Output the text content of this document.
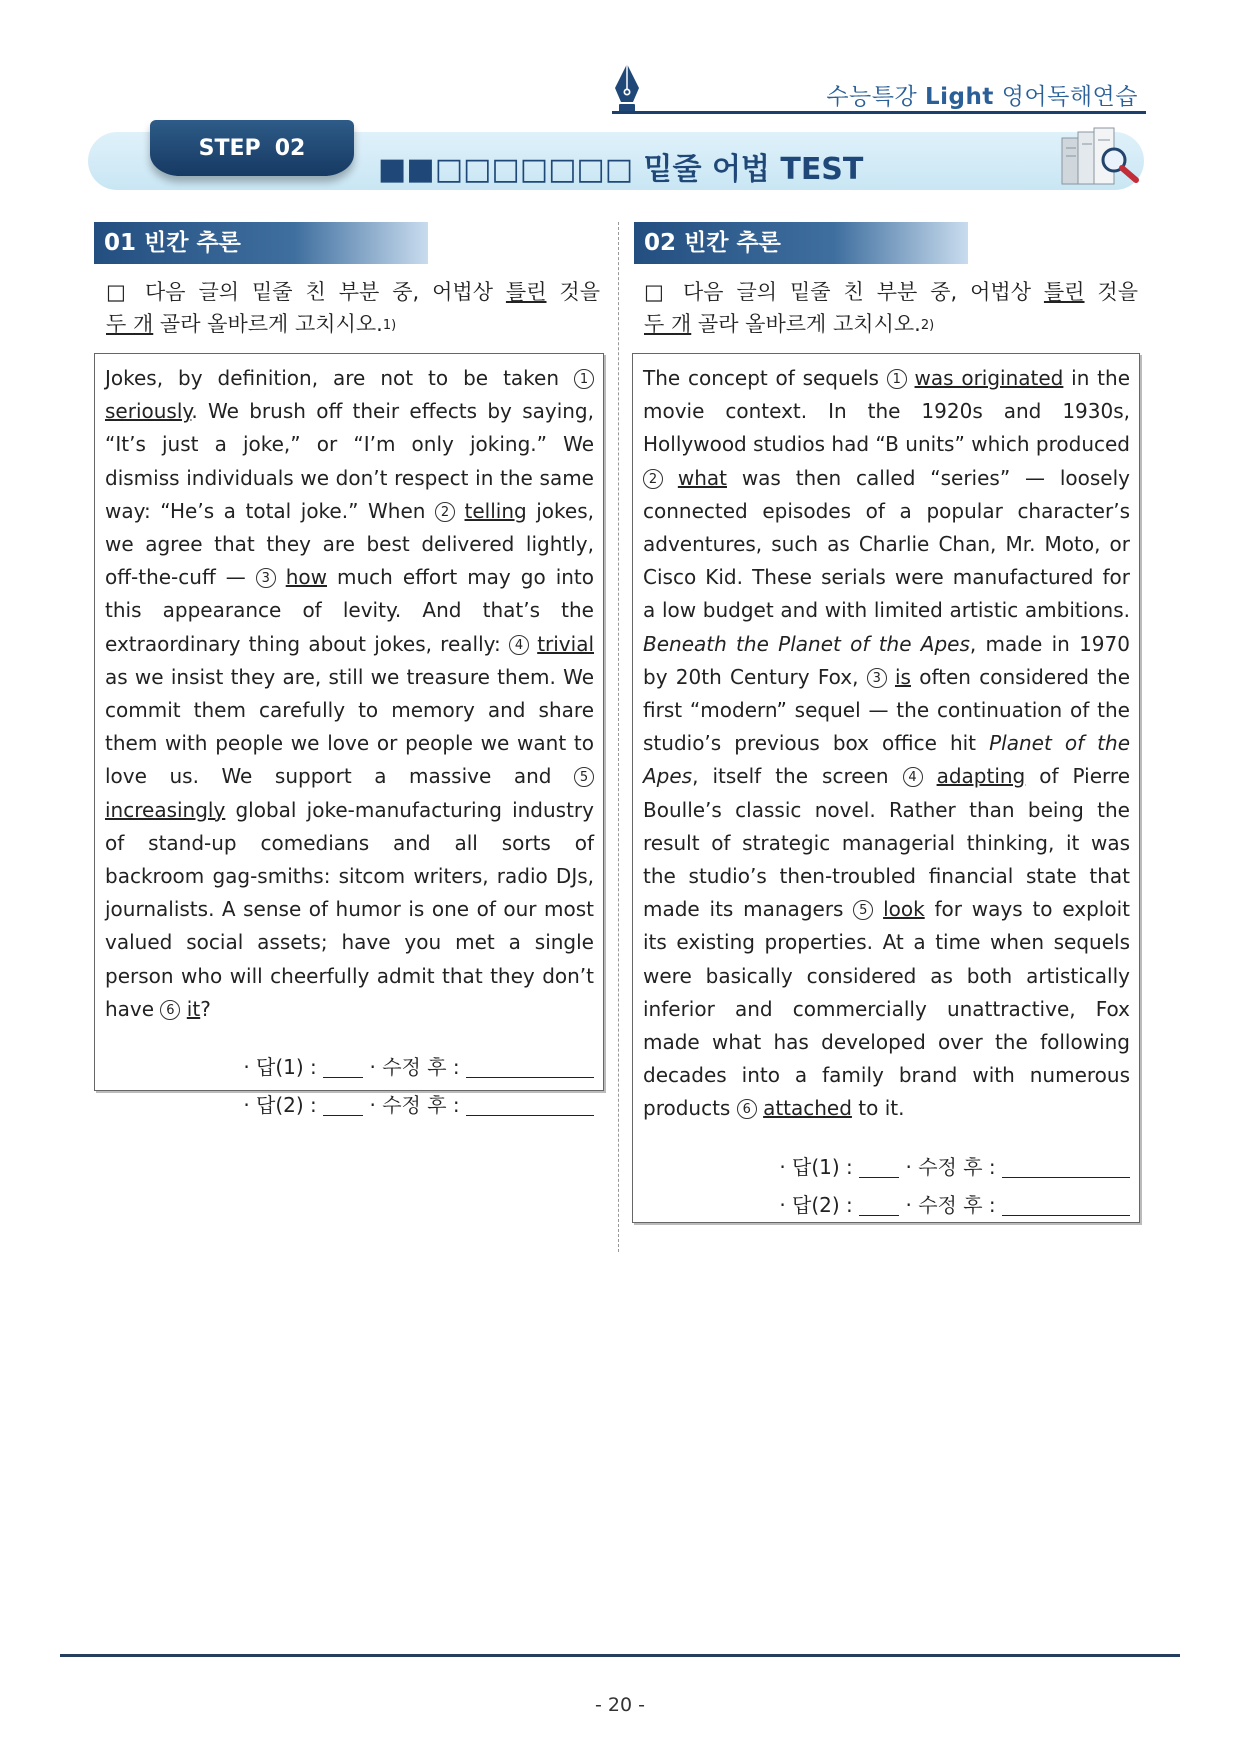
수능특강 Light 영어독해연습
STEP 02
■■□□□□□□□ 밑줄 어법 TEST
01 빈칸 추론
□ 다음 글의 밑줄 친 부분 중, 어법상 틀린 것을
두 개 골라 올바르게 고치시오.$^{1)}$

Jokes, by definition, are not to be taken 1 seriously. We brush off their effects by saying, “It’s just a joke,” or “I’m only joking.” We dismiss individuals we don’t respect in the same way: “He’s a total joke.” When 2 telling jokes, we agree that they are best delivered lightly, off-the-cuff — 3 how much effort may go into this appearance of levity. And that’s the extraordinary thing about jokes, really: 4 trivial as we insist they are, still we treasure them. We commit them carefully to memory and share them with people we love or people we want to love us. We support a massive and 5 increasingly global joke-manufacturing industry of stand-up comedians and all sorts of backroom gag-smiths: sitcom writers, radio DJs, journalists. A sense of humor is one of our most valued social assets; have you met a single person who will cheerfully admit that they don’t have 6 it?

· 답(1) :	· 수정 후 :
· 답(2) :	· 수정 후 :
02 빈칸 추론
□ 다음 글의 밑줄 친 부분 중, 어법상 틀린 것을
두 개 골라 올바르게 고치시오.$^{2)}$

The concept of sequels 1 was originated in the movie context. In the 1920s and 1930s, Hollywood studios had “B units” which produced 2 what was then called “series” — loosely connected episodes of a popular character’s adventures, such as Charlie Chan, Mr. Moto, or Cisco Kid. These serials were manufactured for a low budget and with limited artistic ambitions. Beneath the Planet of the Apes, made in 1970 by 20th Century Fox, 3 is often considered the first “modern” sequel — the continuation of the studio’s previous box office hit Planet of the Apes, itself the screen 4 adapting of Pierre Boulle’s classic novel. Rather than being the result of strategic managerial thinking, it was the studio’s then-troubled financial state that made its managers 5 look for ways to exploit its existing properties. At a time when sequels were basically considered as both artistically inferior and commercially unattractive, Fox made what has developed over the following decades into a family brand with numerous products 6 attached to it.

· 답(1) :	· 수정 후 :
· 답(2) :	· 수정 후 :
- 20 -
